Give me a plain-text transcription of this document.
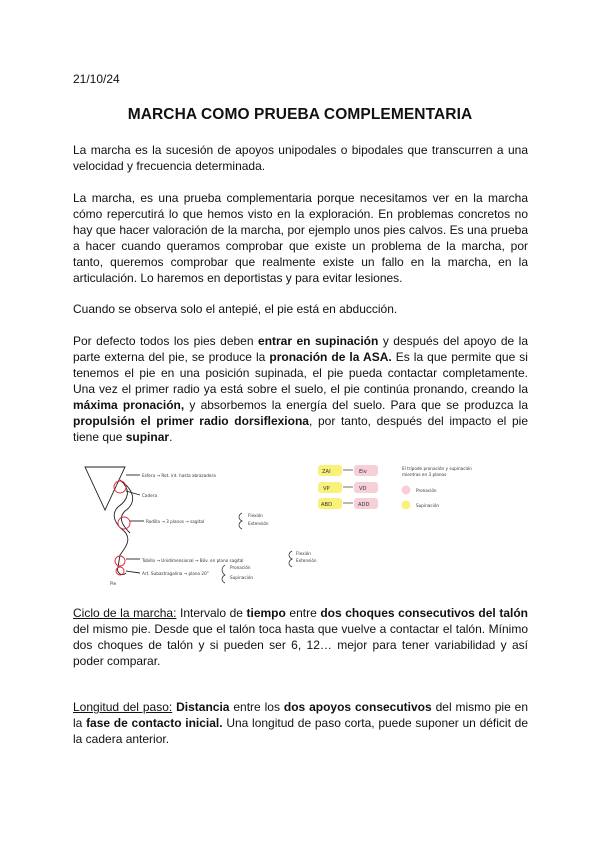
21/10/24
MARCHA COMO PRUEBA COMPLEMENTARIA

La marcha es la sucesión de apoyos unipodales o bipodales que transcurren a una velocidad y frecuencia determinada.

La marcha, es una prueba complementaria porque necesitamos ver en la marcha cómo repercutirá lo que hemos visto en la exploración. En problemas concretos no hay que hacer valoración de la marcha, por ejemplo unos pies calvos. Es una prueba a hacer cuando queramos comprobar que existe un problema de la marcha, por tanto, queremos comprobar que realmente existe un fallo en la marcha, en la articulación. Lo haremos en deportistas y para evitar lesiones.

Cuando se observa solo el antepié, el pie está en abducción.

Por defecto todos los pies deben entrar en supinación y después del apoyo de la parte externa del pie, se produce la pronación de la ASA. Es la que permite que si tenemos el pie en una posición supinada, el pie pueda contactar completamente. Una vez el primer radio ya está sobre el suelo, el pie continúa pronando, creando la máxima pronación, y absorbemos la energía del suelo. Para que se produzca la propulsión el primer radio dorsiflexiona, por tanto, después del impacto el pie tiene que supinar.

Esfera → Rot. int. hasta abrazadera
Cadera
Rodilla → 3 planos → sagital
Flexión
Extensión
Tobillo → Unidimensional → Bóv. en plano sagital
Flexión
Extensión
Pronación
Art. Subastragalina → plano 20°
Supinación
Pie
ZAI	Eiv
VP	VD
ABD	ADD
El trípode pronación y supinación
mientras en 3 planos
Pronación
Supinación

Ciclo de la marcha: Intervalo de tiempo entre dos choques consecutivos del talón del mismo pie. Desde que el talón toca hasta que vuelve a contactar el talón. Mínimo dos choques de talón y si pueden ser 6, 12… mejor para tener variabilidad y así poder comparar.

Longitud del paso: Distancia entre los dos apoyos consecutivos del mismo pie en la fase de contacto inicial. Una longitud de paso corta, puede suponer un déficit de la cadera anterior.
